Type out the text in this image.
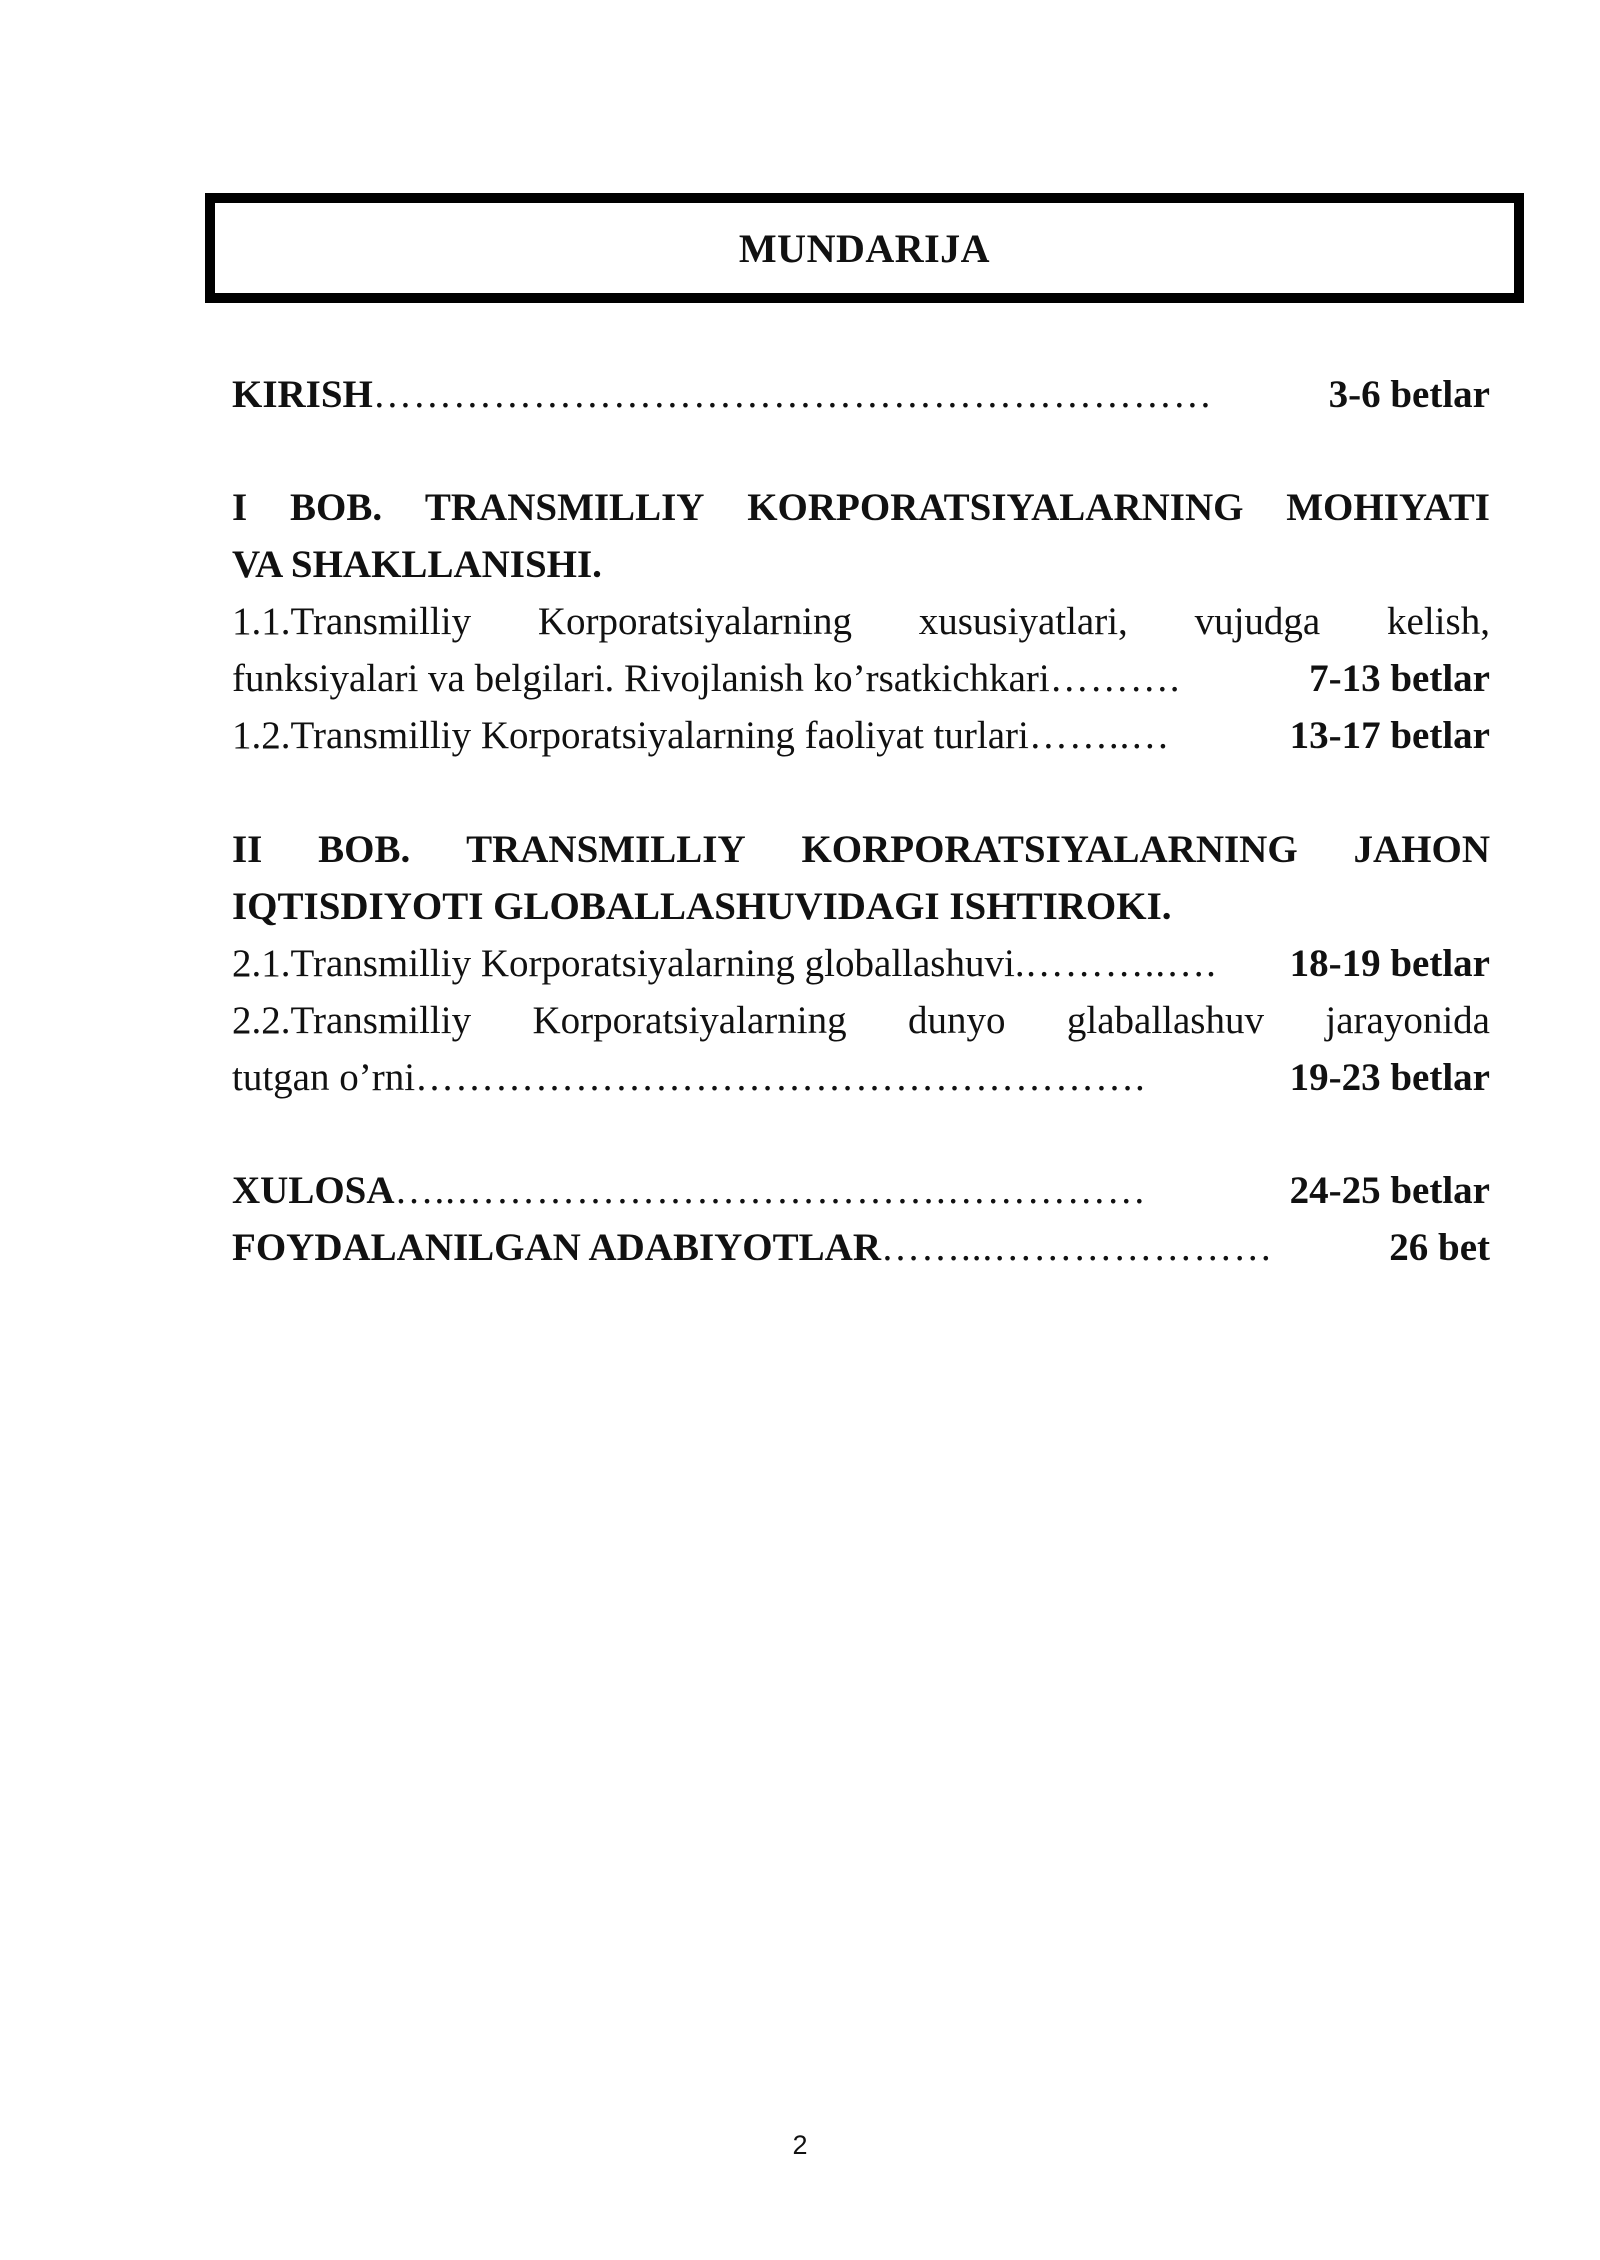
MUNDARIJA
KIRISH ………………………………………………………	3-6 betlar
I BOB. TRANSMILLIY KORPORATSIYALARNING MOHIYATI
VA SHAKLLANISHI.
1.1.Transmilliy Korporatsiyalarning xususiyatlari, vujudga kelish,
funksiyalari va belgilari. Rivojlanish ko’rsatkichkari ……….	7-13 betlar
1.2.Transmilliy Korporatsiyalarning faoliyat turlari ……..…	13-17 betlar
II BOB. TRANSMILLIY KORPORATSIYALARNING JAHON
IQTISDIYOTI GLOBALLASHUVIDAGI ISHTIROKI.
2.1.Transmilliy Korporatsiyalarning globallashuvi. ………..….	18-19 betlar
2.2.Transmilliy Korporatsiyalarning dunyo glaballashuv jarayonida
tutgan o’rni ……………………………………………….	19-23 betlar
XULOSA …..……………………………….……………	24-25 betlar
FOYDALANILGAN ADABIYOTLAR ……...…………………	26 bet
2
